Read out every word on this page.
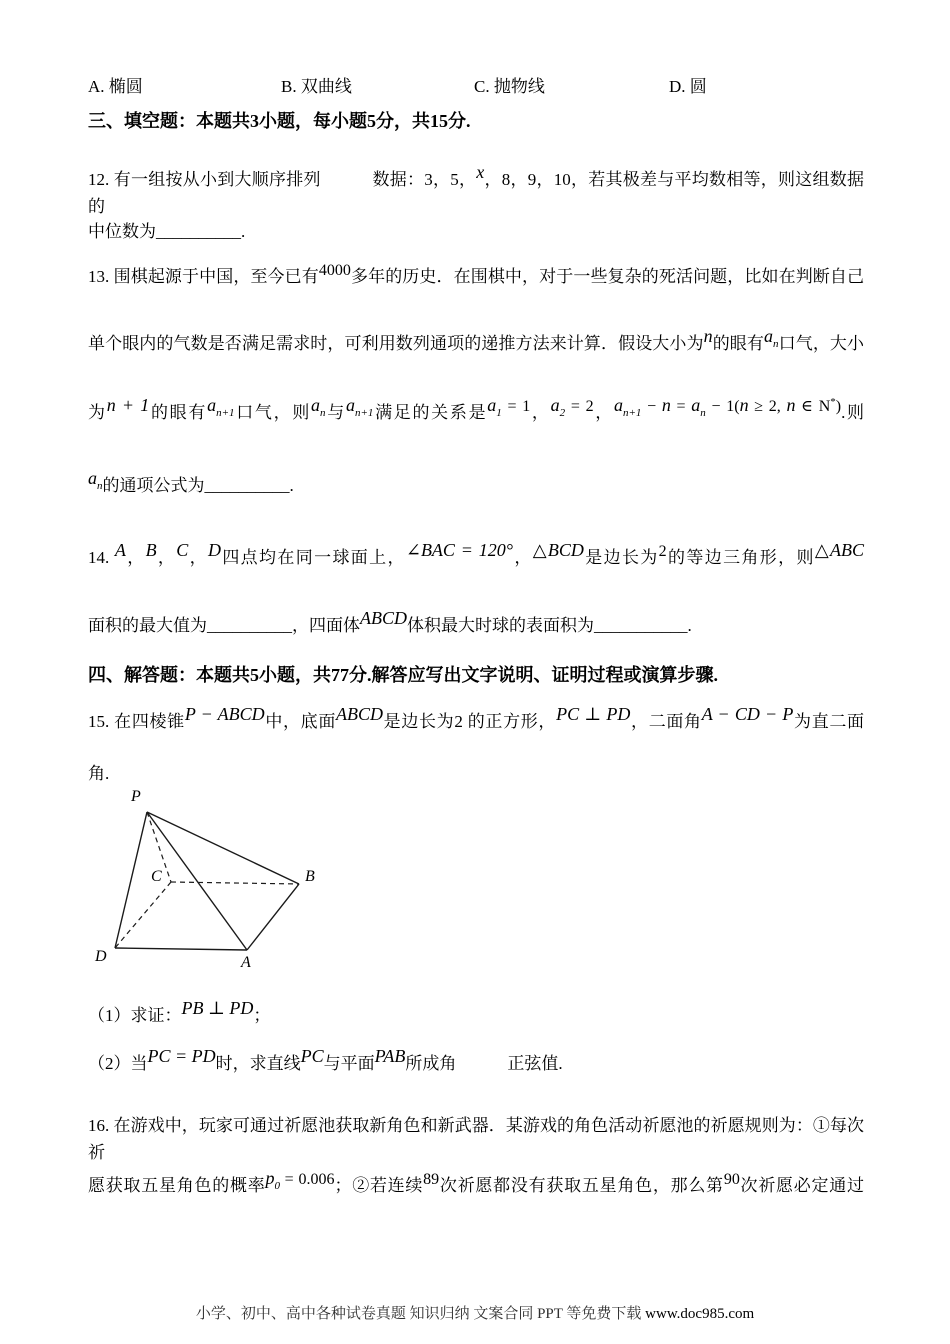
A. 椭圆	B. 双曲线	C. 抛物线	D. 圆
三、填空题：本题共3小题，每小题5分，共15分.
12. 有一组按从小到大顺序排列　　　数据：3，5，x，8，9，10，若其极差与平均数相等，则这组数据的
中位数为__________.
13. 围棋起源于中国，至今已有4000多年的历史．在围棋中，对于一些复杂的死活问题，比如在判断自己
单个眼内的气数是否满足需求时，可利用数列通项的递推方法来计算．假设大小为n的眼有an口气，大小
为n + 1的眼有an+1口气，则an与an+1满足的关系是a1 = 1，a2 = 2，an+1 − n = an − 1(n ≥ 2, n ∈ N*).则
an的通项公式为__________.
14. A，B，C，D四点均在同一球面上，∠BAC = 120°，△BCD是边长为2的等边三角形，则△ABC
面积的最大值为__________，四面体ABCD体积最大时球的表面积为___________.
四、解答题：本题共5小题，共77分.解答应写出文字说明、证明过程或演算步骤.
15. 在四棱锥P − ABCD中，底面ABCD是边长为2 的正方形，PC ⊥ PD，二面角A − CD − P为直二面
角.
P
C	B
D	A
（1）求证：PB ⊥ PD；
（2）当PC = PD时，求直线PC与平面PAB所成角　　　正弦值.
16. 在游戏中，玩家可通过祈愿池获取新角色和新武器．某游戏的角色活动祈愿池的祈愿规则为：①每次祈
愿获取五星角色的概率p0 = 0.006；②若连续89次祈愿都没有获取五星角色，那么第90次祈愿必定通过
小学、初中、高中各种试卷真题 知识归纳 文案合同 PPT 等免费下载 www.doc985.com
